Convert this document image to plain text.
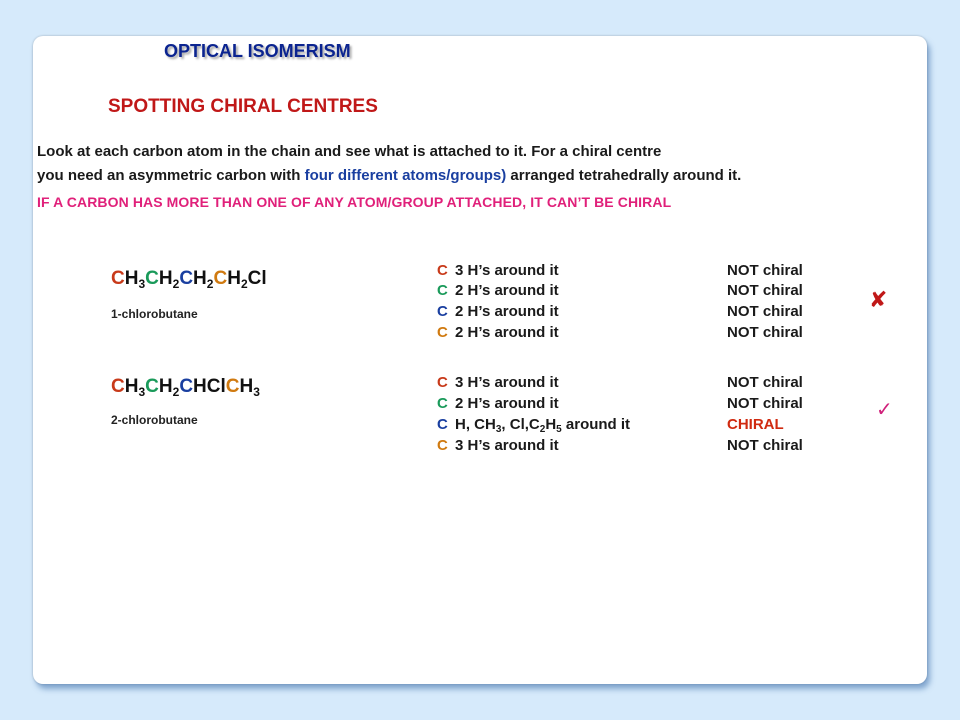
OPTICAL ISOMERISM
SPOTTING CHIRAL CENTRES
Look at each carbon atom in the chain and see what is attached to it. For a chiral centre
you need an asymmetric carbon with four different atoms/groups) arranged tetrahedrally around it.
IF A CARBON HAS MORE THAN ONE OF ANY ATOM/GROUP ATTACHED, IT CAN’T BE CHIRAL
$CH_3CH_2CH_2CH_2Cl$
1-chlorobutane
C 3 H’s around it	NOT chiral
C 2 H’s around it	NOT chiral
C 2 H’s around it	NOT chiral
C 2 H’s around it	NOT chiral
✘
$CH_3CH_2CHClCH_3$
2-chlorobutane
C 3 H’s around it	NOT chiral
C 2 H’s around it	NOT chiral
C H, $CH_3$, $Cl,C_2H_5$ around it	CHIRAL
C 3 H’s around it	NOT chiral
✓
